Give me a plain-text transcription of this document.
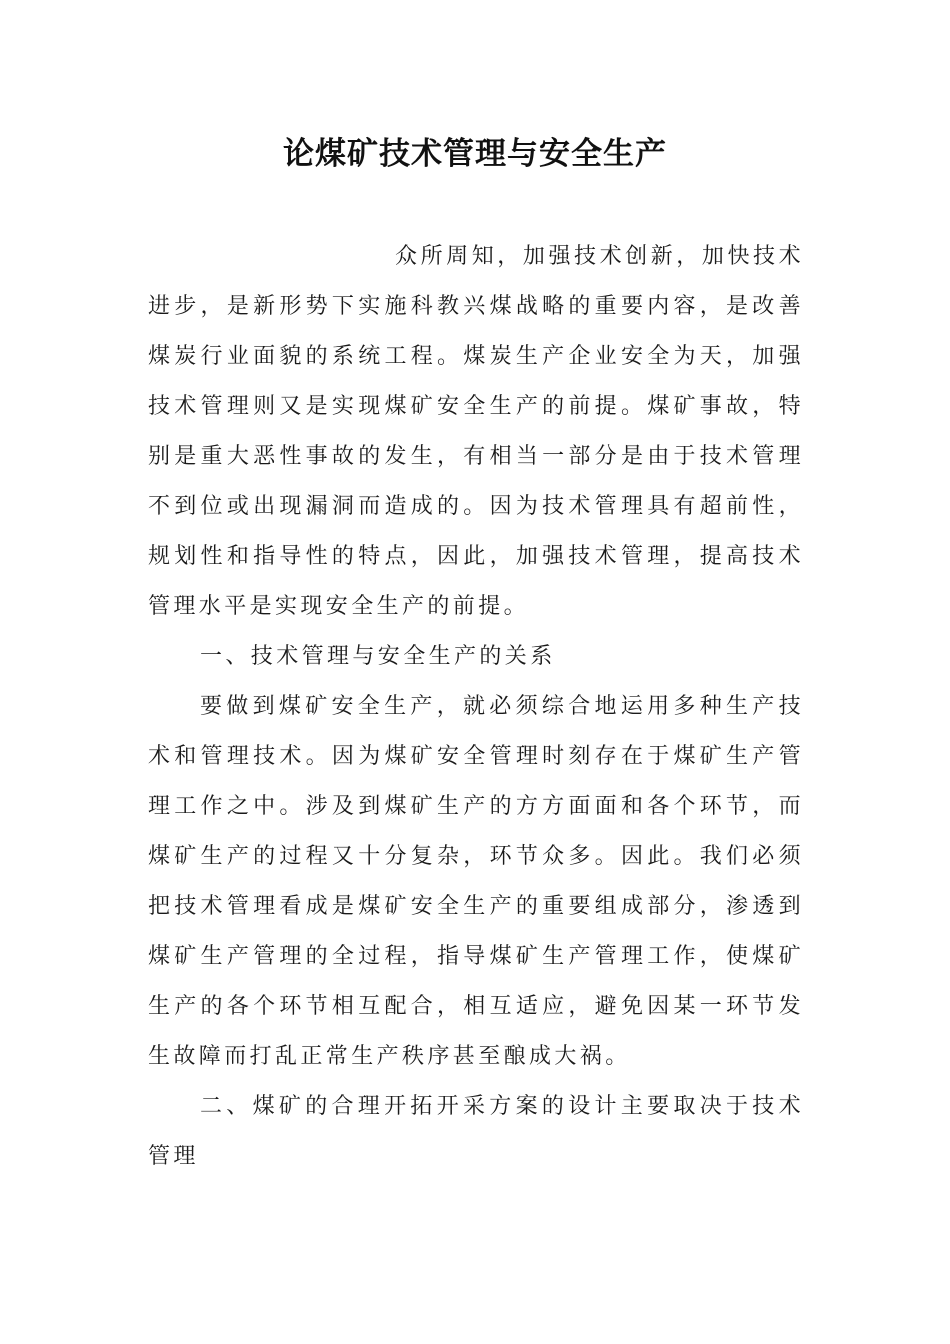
论煤矿技术管理与安全生产

众所周知，加强技术创新，加快技术进步，是新形势下实施科教兴煤战略的重要内容，是改善煤炭行业面貌的系统工程。煤炭生产企业安全为天，加强技术管理则又是实现煤矿安全生产的前提。煤矿事故，特别是重大恶性事故的发生，有相当一部分是由于技术管理不到位或出现漏洞而造成的。因为技术管理具有超前性，规划性和指导性的特点，因此，加强技术管理，提高技术管理水平是实现安全生产的前提。

一、技术管理与安全生产的关系

要做到煤矿安全生产，就必须综合地运用多种生产技术和管理技术。因为煤矿安全管理时刻存在于煤矿生产管理工作之中。涉及到煤矿生产的方方面面和各个环节，而煤矿生产的过程又十分复杂，环节众多。因此。我们必须把技术管理看成是煤矿安全生产的重要组成部分，渗透到煤矿生产管理的全过程，指导煤矿生产管理工作，使煤矿生产的各个环节相互配合，相互适应，避免因某一环节发生故障而打乱正常生产秩序甚至酿成大祸。

二、煤矿的合理开拓开采方案的设计主要取决于技术管理
